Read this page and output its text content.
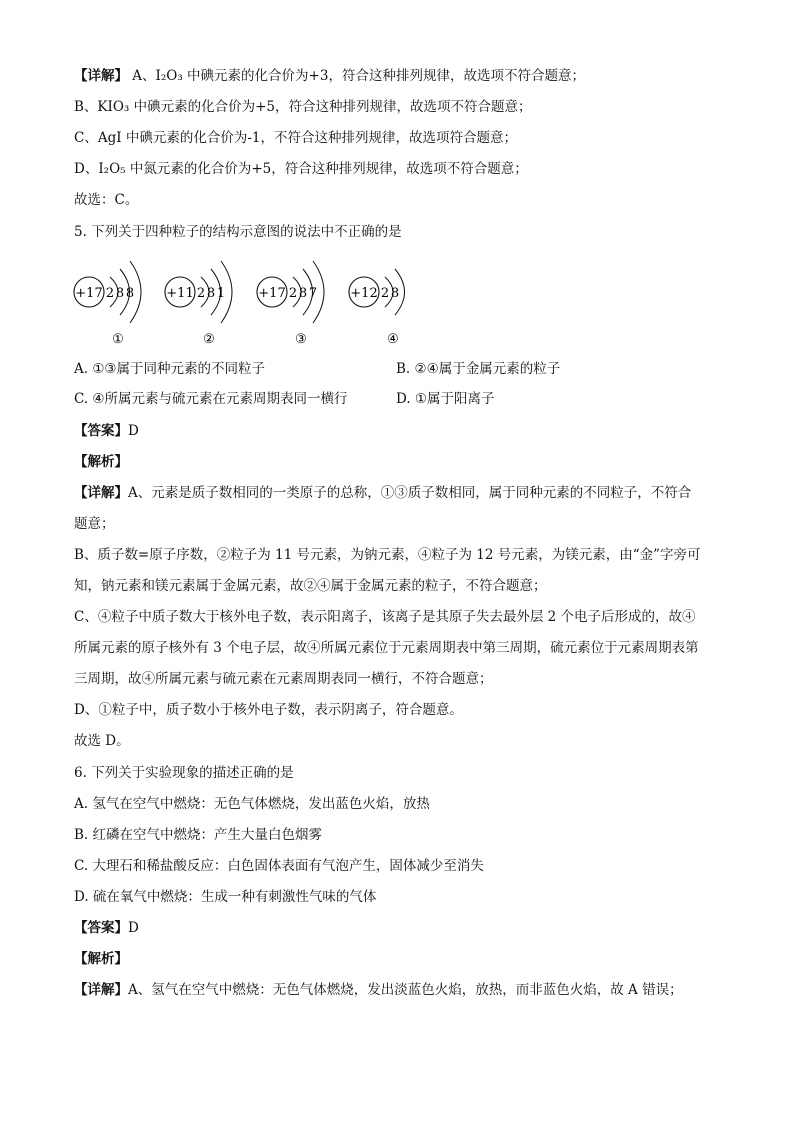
【详解】 A、I₂O₃ 中碘元素的化合价为+3，符合这种排列规律，故选项不符合题意；
B、KIO₃ 中碘元素的化合价为+5，符合这种排列规律，故选项不符合题意；
C、AgI 中碘元素的化合价为-1，不符合这种排列规律，故选项符合题意；
D、I₂O₅ 中氮元素的化合价为+5，符合这种排列规律，故选项不符合题意；
故选：C。
5. 下列关于四种粒子的结构示意图的说法中不正确的是
+17 2 8 8
①
+11 2 8 1
②
+17 2 8 7
③
+12 2 8
④
A. ①③属于同种元素的不同粒子	B. ②④属于金属元素的粒子
C. ④所属元素与硫元素在元素周期表同一横行	D. ①属于阳离子
【答案】D
【解析】
【详解】A、元素是质子数相同的一类原子的总称，①③质子数相同，属于同种元素的不同粒子，不符合
题意；
B、质子数=原子序数，②粒子为 11 号元素，为钠元素，④粒子为 12 号元素，为镁元素，由“金”字旁可
知，钠元素和镁元素属于金属元素，故②④属于金属元素的粒子，不符合题意；
C、④粒子中质子数大于核外电子数，表示阳离子，该离子是其原子失去最外层 2 个电子后形成的，故④
所属元素的原子核外有 3 个电子层，故④所属元素位于元素周期表中第三周期，硫元素位于元素周期表第
三周期，故④所属元素与硫元素在元素周期表同一横行，不符合题意；
D、①粒子中，质子数小于核外电子数，表示阴离子，符合题意。
故选 D。
6. 下列关于实验现象的描述正确的是
A. 氢气在空气中燃烧：无色气体燃烧，发出蓝色火焰，放热
B. 红磷在空气中燃烧：产生大量白色烟雾
C. 大理石和稀盐酸反应：白色固体表面有气泡产生，固体减少至消失
D. 硫在氧气中燃烧：生成一种有刺激性气味的气体
【答案】D
【解析】
【详解】A、氢气在空气中燃烧：无色气体燃烧，发出淡蓝色火焰，放热，而非蓝色火焰，故 A 错误；
